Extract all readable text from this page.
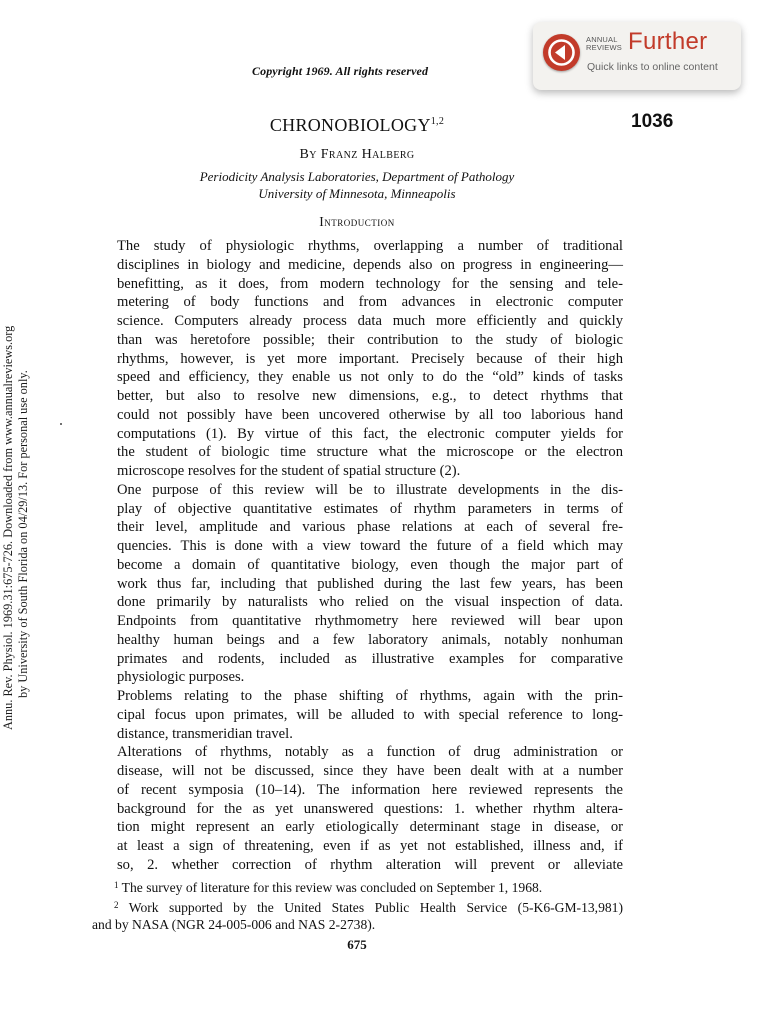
ANNUAL
REVIEWS Further
Quick links to online content
Copyright 1969. All rights reserved
1036
CHRONOBIOLOGY$^{1,2}$
By Franz Halberg
Periodicity Analysis Laboratories, Department of Pathology
University of Minnesota, Minneapolis
Introduction

The study of physiologic rhythms, overlapping a number of traditional
disciplines in biology and medicine, depends also on progress in engineering—
benefitting, as it does, from modern technology for the sensing and tele-
metering of body functions and from advances in electronic computer
science. Computers already process data much more efficiently and quickly
than was heretofore possible; their contribution to the study of biologic
rhythms, however, is yet more important. Precisely because of their high
speed and efficiency, they enable us not only to do the “old” kinds of tasks
better, but also to resolve new dimensions, e.g., to detect rhythms that
could not possibly have been uncovered otherwise by all too laborious hand
computations (1). By virtue of this fact, the electronic computer yields for
the student of biologic time structure what the microscope or the electron
microscope resolves for the student of spatial structure (2).

One purpose of this review will be to illustrate developments in the dis-
play of objective quantitative estimates of rhythm parameters in terms of
their level, amplitude and various phase relations at each of several fre-
quencies. This is done with a view toward the future of a field which may
become a domain of quantitative biology, even though the major part of
work thus far, including that published during the last few years, has been
done primarily by naturalists who relied on the visual inspection of data.
Endpoints from quantitative rhythmometry here reviewed will bear upon
healthy human beings and a few laboratory animals, notably nonhuman
primates and rodents, included as illustrative examples for comparative
physiologic purposes.

Problems relating to the phase shifting of rhythms, again with the prin-
cipal focus upon primates, will be alluded to with special reference to long-
distance, transmeridian travel.

Alterations of rhythms, notably as a function of drug administration or
disease, will not be discussed, since they have been dealt with at a number
of recent symposia (10–14). The information here reviewed represents the
background for the as yet unanswered questions: 1. whether rhythm altera-
tion might represent an early etiologically determinant stage in disease, or
at least a sign of threatening, even if as yet not established, illness and, if
so, 2. whether correction of rhythm alteration will prevent or alleviate

$^1$ The survey of literature for this review was concluded on September 1, 1968.
$^2$ Work supported by the United States Public Health Service (5-K6-GM-13,981)
and by NASA (NGR 24-005-006 and NAS 2-2738).
675
Annu. Rev. Physiol. 1969.31:675-726. Downloaded from www.annualreviews.org by University of South Florida on 04/29/13. For personal use only.
